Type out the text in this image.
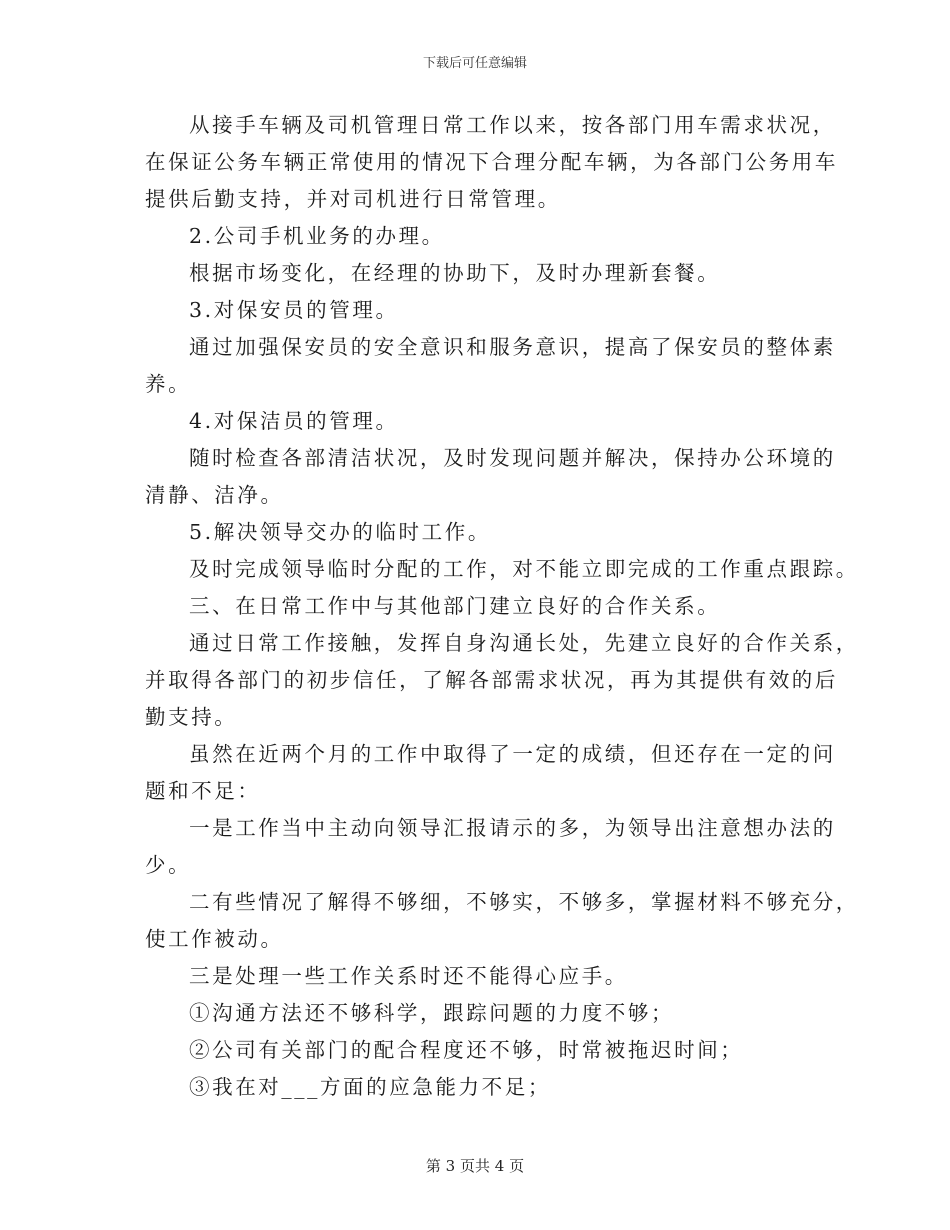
下载后可任意编辑
从接手车辆及司机管理日常工作以来，按各部门用车需求状况，
在保证公务车辆正常使用的情况下合理分配车辆，为各部门公务用车
提供后勤支持，并对司机进行日常管理。
2.公司手机业务的办理。
根据市场变化，在经理的协助下，及时办理新套餐。
3.对保安员的管理。
通过加强保安员的安全意识和服务意识，提高了保安员的整体素
养。
4.对保洁员的管理。
随时检查各部清洁状况，及时发现问题并解决，保持办公环境的
清静、洁净。
5.解决领导交办的临时工作。
及时完成领导临时分配的工作，对不能立即完成的工作重点跟踪。
三、在日常工作中与其他部门建立良好的合作关系。
通过日常工作接触，发挥自身沟通长处，先建立良好的合作关系，
并取得各部门的初步信任，了解各部需求状况，再为其提供有效的后
勤支持。
虽然在近两个月的工作中取得了一定的成绩，但还存在一定的问
题和不足：
一是工作当中主动向领导汇报请示的多，为领导出注意想办法的
少。
二有些情况了解得不够细，不够实，不够多，掌握材料不够充分，
使工作被动。
三是处理一些工作关系时还不能得心应手。
①沟通方法还不够科学，跟踪问题的力度不够；
②公司有关部门的配合程度还不够，时常被拖迟时间；
③我在对___方面的应急能力不足；
第 3 页共 4 页
